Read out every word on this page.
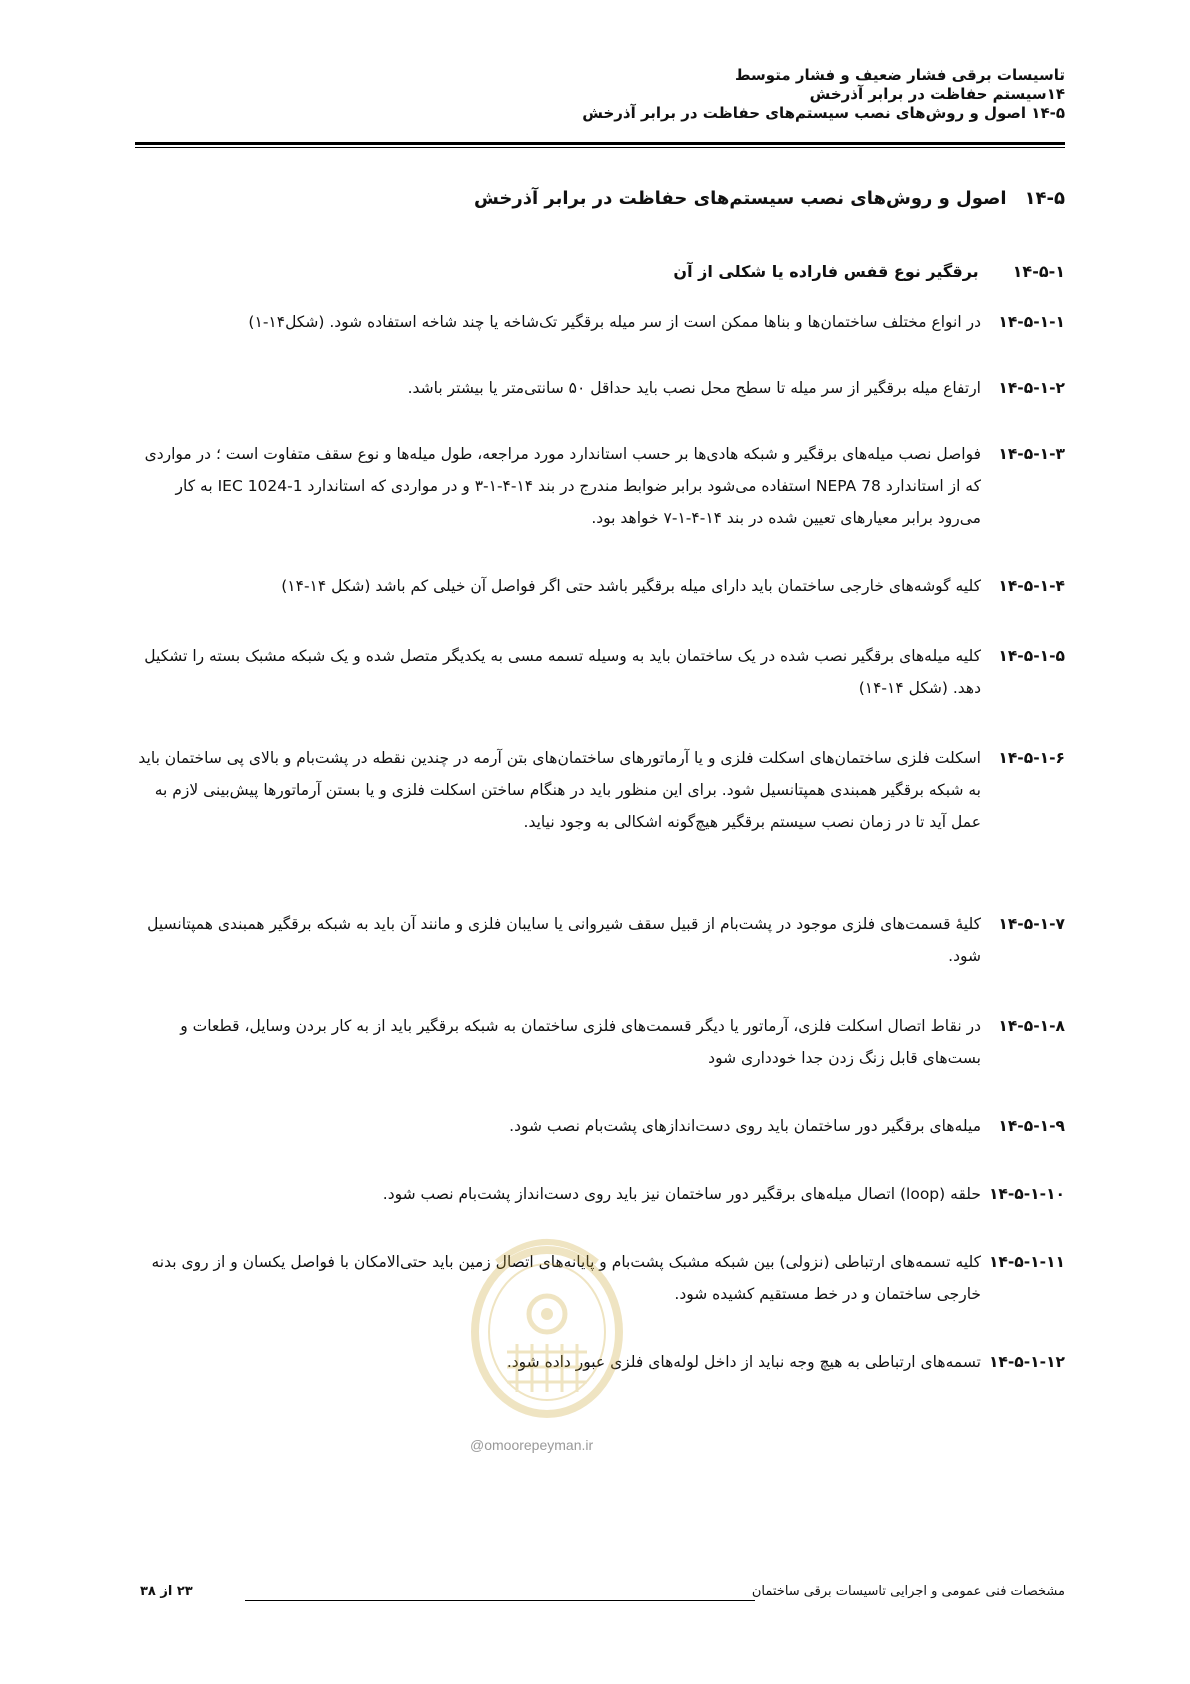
تاسیسات برقی فشار ضعیف و فشار متوسط
۱۴سیستم حفاظت در برابر آذرخش
۱۴-۵ اصول و روش‌های نصب سیستم‌های حفاظت در برابر آذرخش
۱۴-۵اصول و روش‌های نصب سیستم‌های حفاظت در برابر آذرخش
۱۴-۵-۱برقگیر نوع قفس فاراده یا شکلی از آن
۱۴-۵-۱-۱
در انواع مختلف ساختمان‌ها و بناها ممکن است از سر میله برقگیر تک‌شاخه یا چند شاخه استفاده شود. (شکل۱۴-۱)
۱۴-۵-۱-۲
ارتفاع میله برقگیر از سر میله تا سطح محل نصب باید حداقل ۵۰ سانتی‌متر یا بیشتر باشد.
۱۴-۵-۱-۳
فواصل نصب میله‌های برقگیر و شبکه هادی‌ها بر حسب استاندارد مورد مراجعه، طول میله‌ها و نوع سقف متفاوت است ؛ در مواردی که از استاندارد NEPA 78 استفاده می‌شود برابر ضوابط مندرج در بند ۱۴-۴-۱-۳ و در مواردی که استاندارد IEC 1024-1 به کار می‌رود برابر معیارهای تعیین شده در بند ۱۴-۴-۱-۷ خواهد بود.
۱۴-۵-۱-۴
کلیه گوشه‌های خارجی ساختمان باید دارای میله برقگیر باشد حتی اگر فواصل آن خیلی کم باشد (شکل ۱۴-۱۴)
۱۴-۵-۱-۵
کلیه میله‌های برقگیر نصب شده در یک ساختمان باید به وسیله تسمه مسی به یکدیگر متصل شده و یک شبکه مشبک بسته را تشکیل دهد. (شکل ۱۴-۱۴)
۱۴-۵-۱-۶
اسکلت فلزی ساختمان‌های اسکلت فلزی و یا آرماتورهای ساختمان‌های بتن آرمه در چندین نقطه در پشت‌بام و بالای پی ساختمان باید به شبکه برقگیر همبندی همپتانسیل شود. برای این منظور باید در هنگام ساختن اسکلت فلزی و یا بستن آرماتورها پیش‌بینی لازم به عمل آید تا در زمان نصب سیستم برقگیر هیچ‌گونه اشکالی به وجود نیاید.
۱۴-۵-۱-۷
کلیهٔ قسمت‌های فلزی موجود در پشت‌بام از قبیل سقف شیروانی یا سایبان فلزی و مانند آن باید به شبکه برقگیر همبندی همپتانسیل شود.
۱۴-۵-۱-۸
در نقاط اتصال اسکلت فلزی، آرماتور یا دیگر قسمت‌های فلزی ساختمان به شبکه برقگیر باید از به کار بردن وسایل، قطعات و بست‌های قابل زنگ زدن جدا خودداری شود
۱۴-۵-۱-۹
میله‌های برقگیر دور ساختمان باید روی دست‌اندازهای پشت‌بام نصب شود.
۱۴-۵-۱-۱۰
حلقه (loop) اتصال میله‌های برقگیر دور ساختمان نیز باید روی دست‌انداز پشت‌بام نصب شود.
۱۴-۵-۱-۱۱
کلیه تسمه‌های ارتباطی (نزولی) بین شبکه مشبک پشت‌بام و پایانه‌های اتصال زمین باید حتی‌الامکان با فواصل یکسان و از روی بدنه خارجی ساختمان و در خط مستقیم کشیده شود.
۱۴-۵-۱-۱۲
تسمه‌های ارتباطی به هیچ وجه نباید از داخل لوله‌های فلزی عبور داده شود.
@omoorepeyman.ir
مشخصات فنی عمومی و اجرایی تاسیسات برقی ساختمان
۲۳ از ۳۸
